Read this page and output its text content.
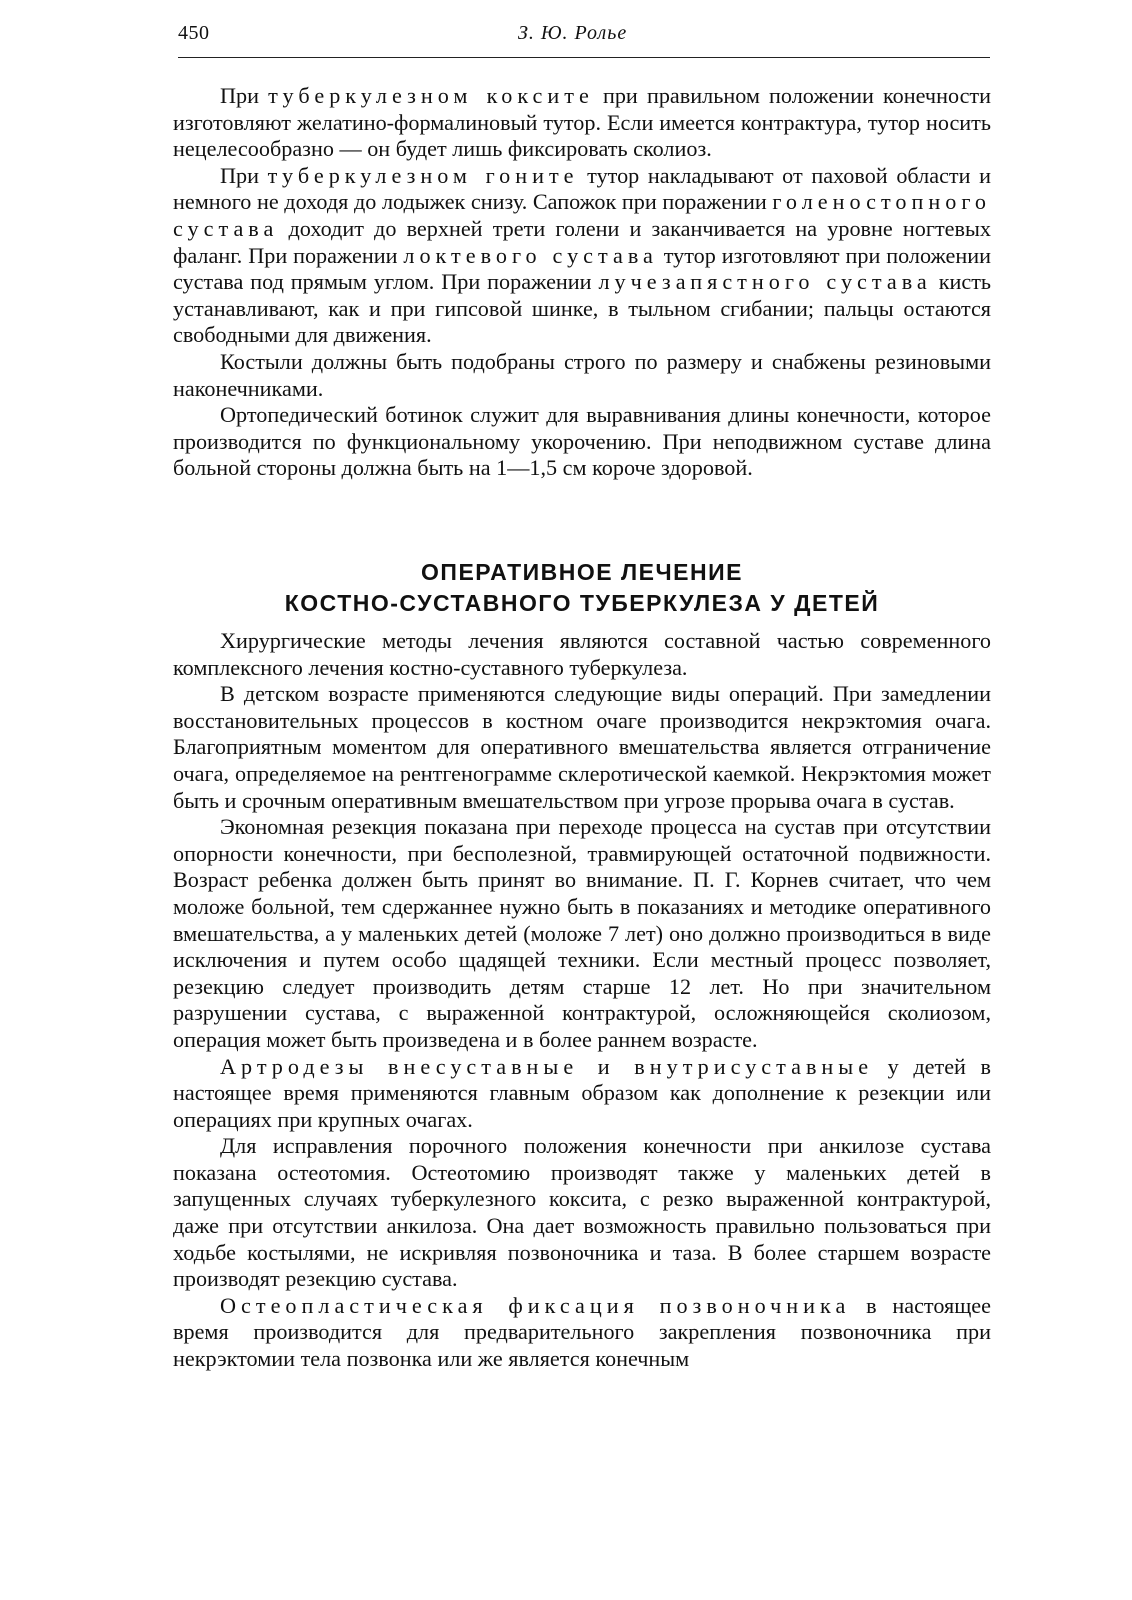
450	З. Ю. Ролье

При туберкулезном коксите при правильном положении конечности изготовляют желатино-формалиновый тутор. Если имеется контрактура, тутор носить нецелесообразно — он будет лишь фиксировать сколиоз.

При туберкулезном гоните тутор накладывают от паховой области и немного не доходя до лодыжек снизу. Сапожок при поражении голеностопного сустава доходит до верхней трети голени и заканчивается на уровне ногтевых фаланг. При поражении локтевого сустава тутор изготовляют при положении сустава под прямым углом. При поражении лучезапястного сустава кисть устанавливают, как и при гипсовой шинке, в тыльном сгибании; пальцы остаются свободными для движения.

Костыли должны быть подобраны строго по размеру и снабжены резиновыми наконечниками.

Ортопедический ботинок служит для выравнивания длины конечности, которое производится по функциональному укорочению. При неподвижном суставе длина больной стороны должна быть на 1—1,5 см короче здоровой.

ОПЕРАТИВНОЕ ЛЕЧЕНИЕ
КОСТНО-СУСТАВНОГО ТУБЕРКУЛЕЗА У ДЕТЕЙ

Хирургические методы лечения являются составной частью современного комплексного лечения костно-суставного туберкулеза.

В детском возрасте применяются следующие виды операций. При замедлении восстановительных процессов в костном очаге производится некрэктомия очага. Благоприятным моментом для оперативного вмешательства является отграничение очага, определяемое на рентгенограмме склеротической каемкой. Некрэктомия может быть и срочным оперативным вмешательством при угрозе прорыва очага в сустав.

Экономная резекция показана при переходе процесса на сустав при отсутствии опорности конечности, при бесполезной, травмирующей остаточной подвижности. Возраст ребенка должен быть принят во внимание. П. Г. Корнев считает, что чем моложе больной, тем сдержаннее нужно быть в показаниях и методике оперативного вмешательства, а у маленьких детей (моложе 7 лет) оно должно производиться в виде исключения и путем особо щадящей техники. Если местный процесс позволяет, резекцию следует производить детям старше 12 лет. Но при значительном разрушении сустава, с выраженной контрактурой, осложняющейся сколиозом, операция может быть произведена и в более раннем возрасте.

Артродезы внесуставные и внутрисуставные у детей в настоящее время применяются главным образом как дополнение к резекции или операциях при крупных очагах.

Для исправления порочного положения конечности при анкилозе сустава показана остеотомия. Остеотомию производят также у маленьких детей в запущенных случаях туберкулезного коксита, с резко выраженной контрактурой, даже при отсутствии анкилоза. Она дает возможность правильно пользоваться при ходьбе костылями, не искривляя позвоночника и таза. В более старшем возрасте производят резекцию сустава.

Остеопластическая фиксация позвоночника в настоящее время производится для предварительного закрепления позвоночника при некрэктомии тела позвонка или же является конечным
